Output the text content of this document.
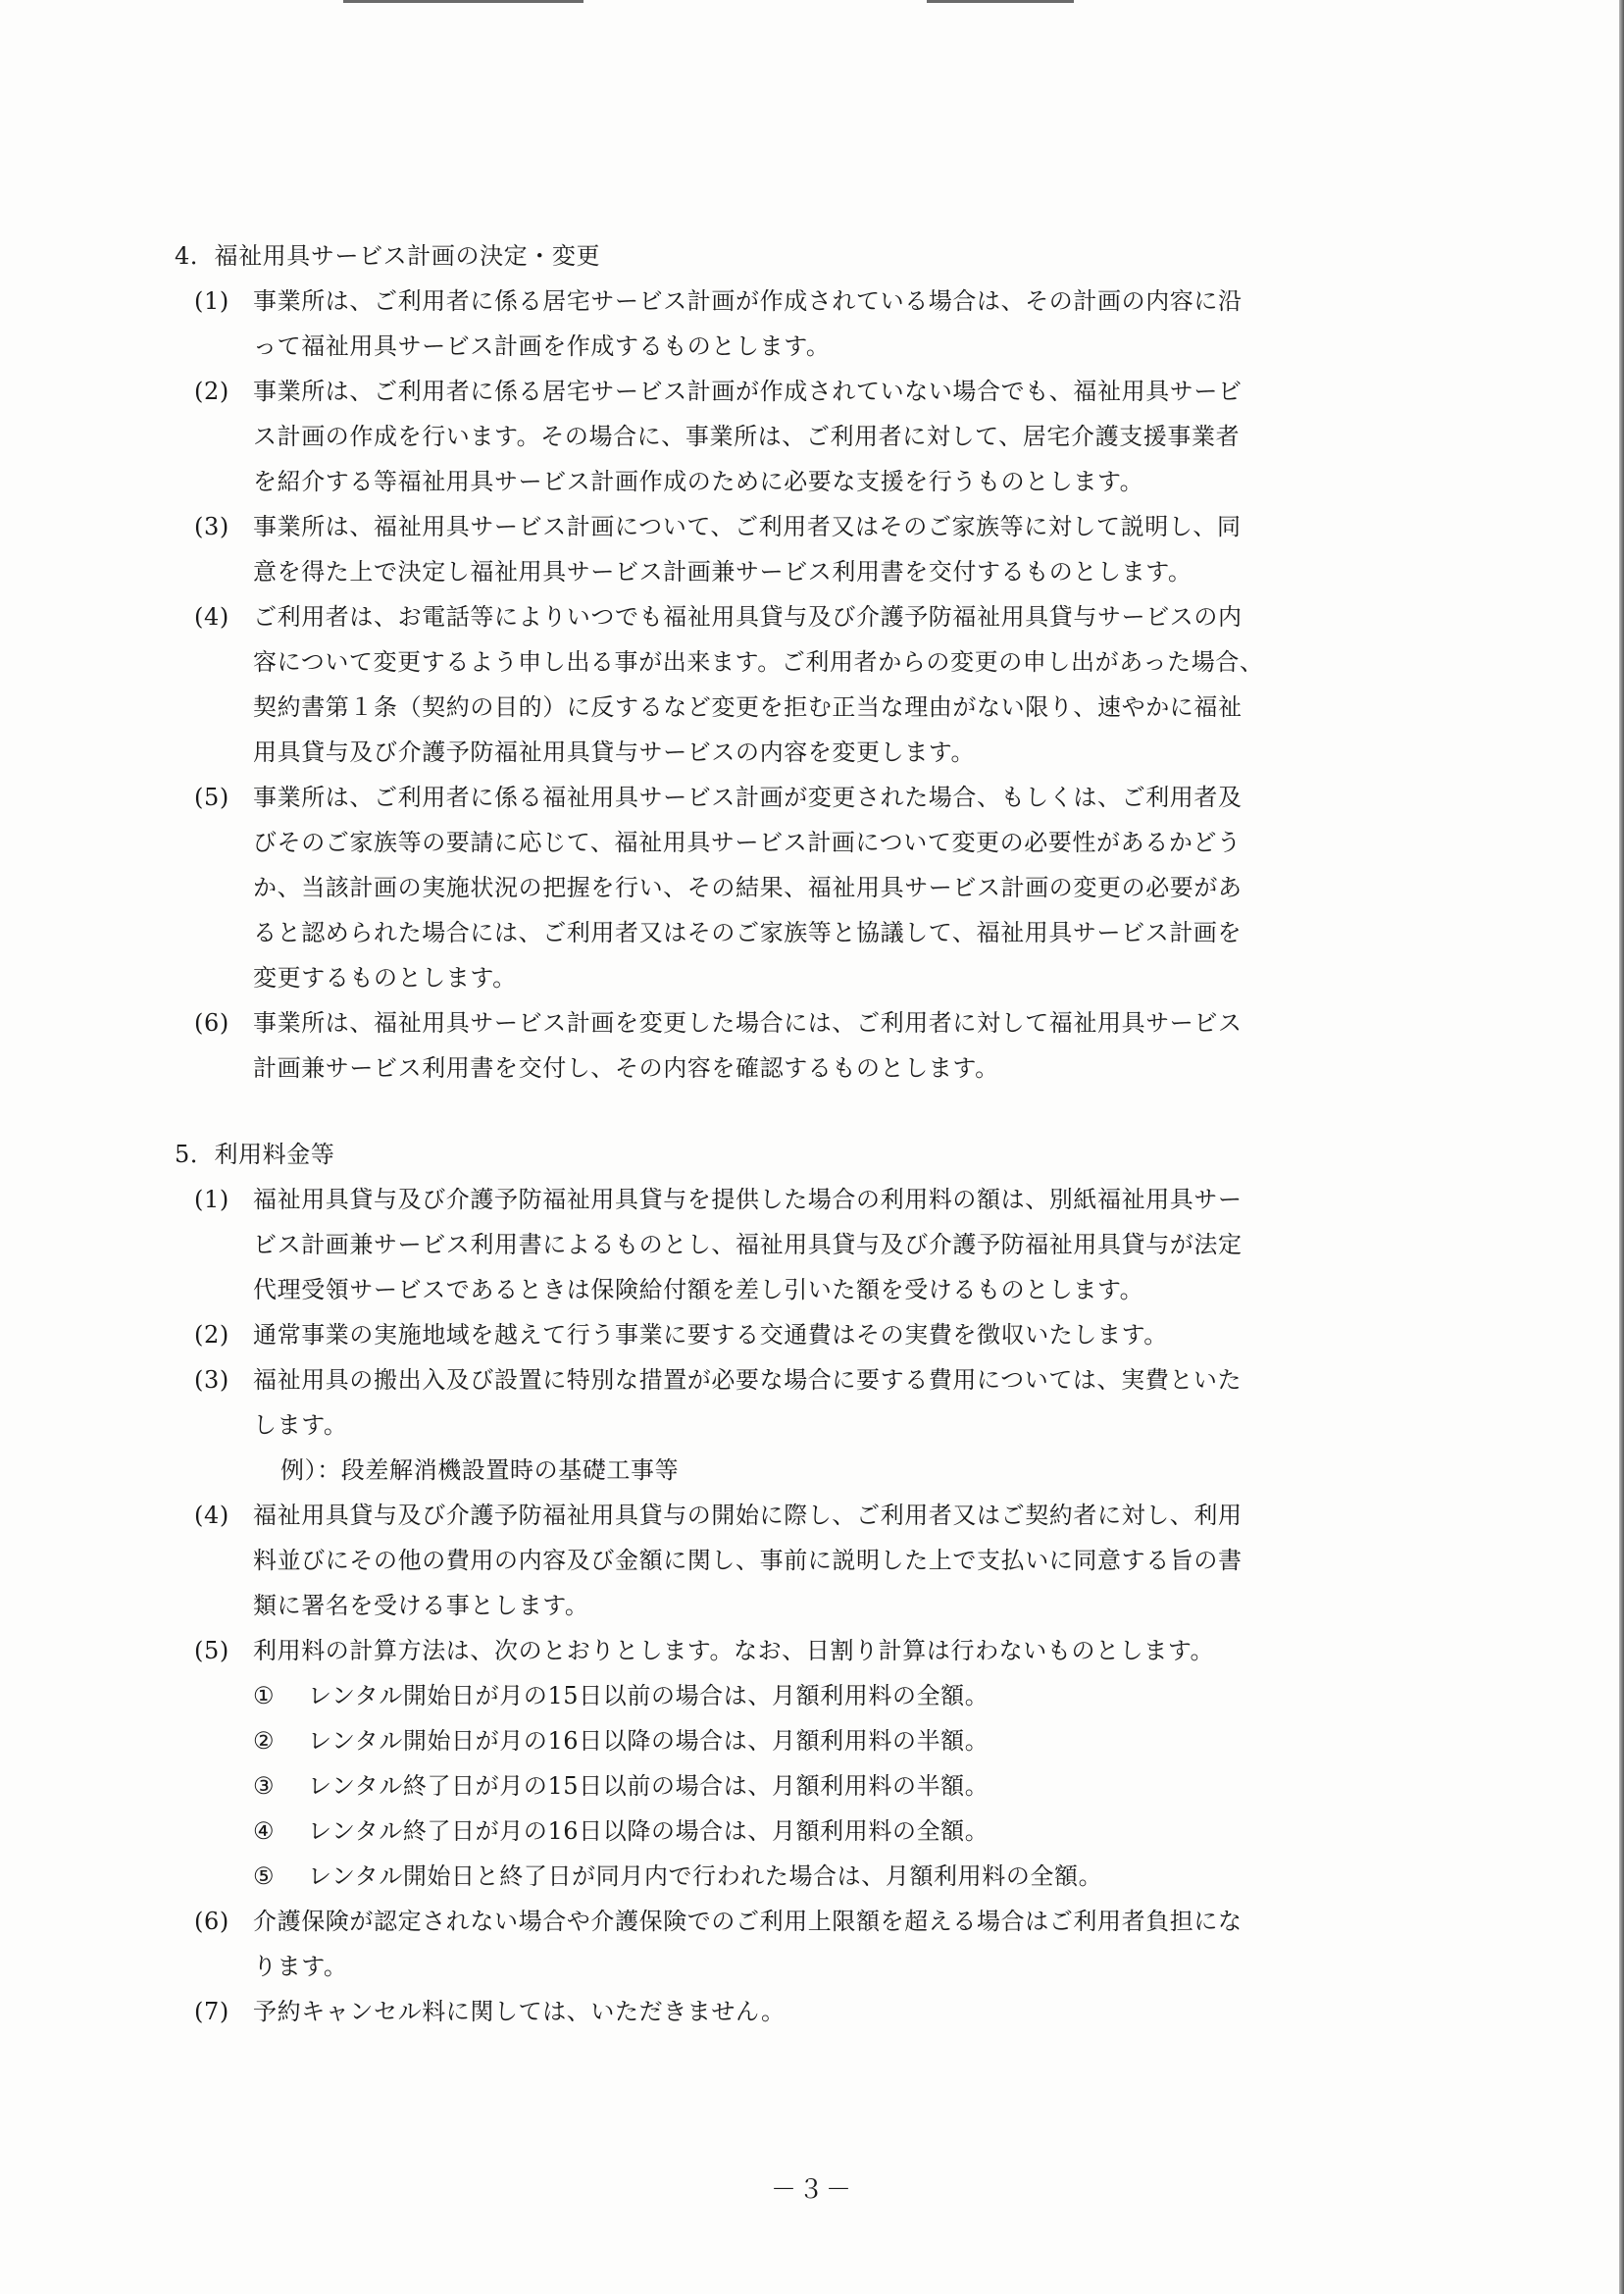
4．福祉用具サービス計画の決定・変更
(1)	事業所は、ご利用者に係る居宅サービス計画が作成されている場合は、その計画の内容に沿
って福祉用具サービス計画を作成するものとします。
(2)	事業所は、ご利用者に係る居宅サービス計画が作成されていない場合でも、福祉用具サービ
ス計画の作成を行います。その場合に、事業所は、ご利用者に対して、居宅介護支援事業者
を紹介する等福祉用具サービス計画作成のために必要な支援を行うものとします。
(3)	事業所は、福祉用具サービス計画について、ご利用者又はそのご家族等に対して説明し、同
意を得た上で決定し福祉用具サービス計画兼サービス利用書を交付するものとします。
(4)	ご利用者は、お電話等によりいつでも福祉用具貸与及び介護予防福祉用具貸与サービスの内
容について変更するよう申し出る事が出来ます。ご利用者からの変更の申し出があった場合、
契約書第１条（契約の目的）に反するなど変更を拒む正当な理由がない限り、速やかに福祉
用具貸与及び介護予防福祉用具貸与サービスの内容を変更します。
(5)	事業所は、ご利用者に係る福祉用具サービス計画が変更された場合、もしくは、ご利用者及
びそのご家族等の要請に応じて、福祉用具サービス計画について変更の必要性があるかどう
か、当該計画の実施状況の把握を行い、その結果、福祉用具サービス計画の変更の必要があ
ると認められた場合には、ご利用者又はそのご家族等と協議して、福祉用具サービス計画を
変更するものとします。
(6)	事業所は、福祉用具サービス計画を変更した場合には、ご利用者に対して福祉用具サービス
計画兼サービス利用書を交付し、その内容を確認するものとします。
5．利用料金等
(1)	福祉用具貸与及び介護予防福祉用具貸与を提供した場合の利用料の額は、別紙福祉用具サー
ビス計画兼サービス利用書によるものとし、福祉用具貸与及び介護予防福祉用具貸与が法定
代理受領サービスであるときは保険給付額を差し引いた額を受けるものとします。
(2)	通常事業の実施地域を越えて行う事業に要する交通費はその実費を徴収いたします。
(3)	福祉用具の搬出入及び設置に特別な措置が必要な場合に要する費用については、実費といた
します。
例）：段差解消機設置時の基礎工事等
(4)	福祉用具貸与及び介護予防福祉用具貸与の開始に際し、ご利用者又はご契約者に対し、利用
料並びにその他の費用の内容及び金額に関し、事前に説明した上で支払いに同意する旨の書
類に署名を受ける事とします。
(5)	利用料の計算方法は、次のとおりとします。なお、日割り計算は行わないものとします。
① レンタル開始日が月の15日以前の場合は、月額利用料の全額。
② レンタル開始日が月の16日以降の場合は、月額利用料の半額。
③ レンタル終了日が月の15日以前の場合は、月額利用料の半額。
④ レンタル終了日が月の16日以降の場合は、月額利用料の全額。
⑤ レンタル開始日と終了日が同月内で行われた場合は、月額利用料の全額。
(6)	介護保険が認定されない場合や介護保険でのご利用上限額を超える場合はご利用者負担にな
ります。
(7)	予約キャンセル料に関しては、いただきません。
－３－
